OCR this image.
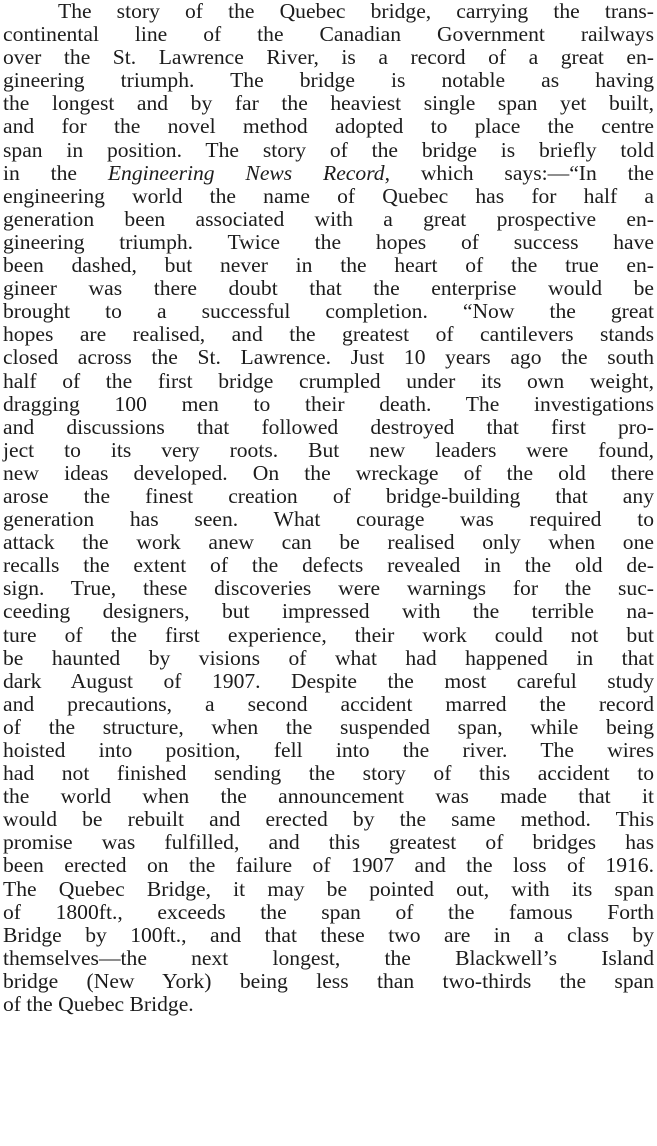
The story of the Quebec bridge, carrying the trans-
continental line of the Canadian Government railways
over the St. Lawrence River, is a record of a great en-
gineering triumph. The bridge is notable as having
the longest and by far the heaviest single span yet built,
and for the novel method adopted to place the centre
span in position. The story of the bridge is briefly told
in the Engineering News Record, which says:—“In the
engineering world the name of Quebec has for half a
generation been associated with a great prospective en-
gineering triumph. Twice the hopes of success have
been dashed, but never in the heart of the true en-
gineer was there doubt that the enterprise would be
brought to a successful completion. “Now the great
hopes are realised, and the greatest of cantilevers stands
closed across the St. Lawrence. Just 10 years ago the south
half of the first bridge crumpled under its own weight,
dragging 100 men to their death. The investigations
and discussions that followed destroyed that first pro-
ject to its very roots. But new leaders were found,
new ideas developed. On the wreckage of the old there
arose the finest creation of bridge-building that any
generation has seen. What courage was required to
attack the work anew can be realised only when one
recalls the extent of the defects revealed in the old de-
sign. True, these discoveries were warnings for the suc-
ceeding designers, but impressed with the terrible na-
ture of the first experience, their work could not but
be haunted by visions of what had happened in that
dark August of 1907. Despite the most careful study
and precautions, a second accident marred the record
of the structure, when the suspended span, while being
hoisted into position, fell into the river. The wires
had not finished sending the story of this accident to
the world when the announcement was made that it
would be rebuilt and erected by the same method. This
promise was fulfilled, and this greatest of bridges has
been erected on the failure of 1907 and the loss of 1916.
The Quebec Bridge, it may be pointed out, with its span
of 1800ft., exceeds the span of the famous Forth
Bridge by 100ft., and that these two are in a class by
themselves—the next longest, the Blackwell’s Island
bridge (New York) being less than two-thirds the span
of the Quebec Bridge.
